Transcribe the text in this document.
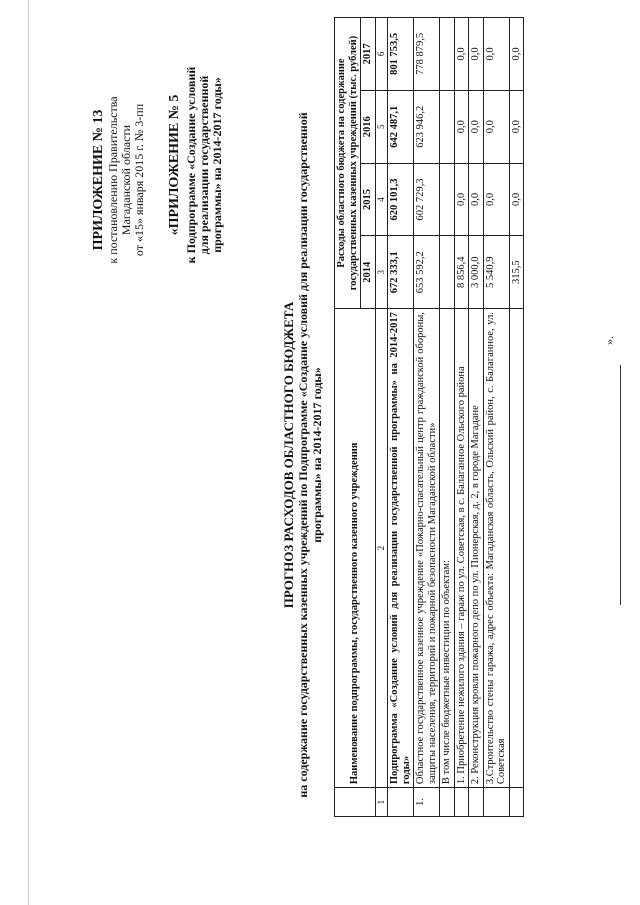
ПРИЛОЖЕНИЕ № 13 к постановлению Правительства Магаданской области от «15» января 2015 г. № 3-пп «ПРИЛОЖЕНИЕ № 5 к Подпрограмме «Создание условий для реализации государственной программы» на 2014-2017 годы»
ПРОГНОЗ РАСХОДОВ ОБЛАСТНОГО БЮДЖЕТА на содержание государственных казенных учреждений по Подпрограмме «Создание условий для реализации государственной программы» на 2014-2017 годы»
	Наименование подпрограммы, государственного казенного учреждения	Расходы областного бюджета на содержание государственных казенных учреждений (тыс. рублей)			
		2014	2015	2016	2017
1	2	3	4	5	6
	Подпрограмма «Создание условий для реализации государственной программы» на 2014-2017 годы»	672 333,1	620 101,3	642 487,1	801 753,5
1.	Областное государственное казенное учреждение «Пожарно-спасательный центр гражданской обороны, защиты населения, территорий и пожарной безопасности Магаданской области»	653 592,2	602 729,3	623 946,2	778 879,5
	В том числе бюджетные инвестиции по объектам:				
	1. Приобретение нежилого здания – гараж по ул. Советская, в с. Балаганное Ольского района	8 856,4	0,0	0,0	0,0
	2. Реконструкция кровли пожарного депо по ул. Пионерская, д. 2, в городе Магадане	3 000,0	0,0	0,0	0,0
	3.Строительство стены гаража, адрес объекта: Магаданская область, Ольский район, с. Балаганное, ул. Советская	5 540,9	0,0	0,0	0,0
		315,5	0,0	0,0	0,0
».
